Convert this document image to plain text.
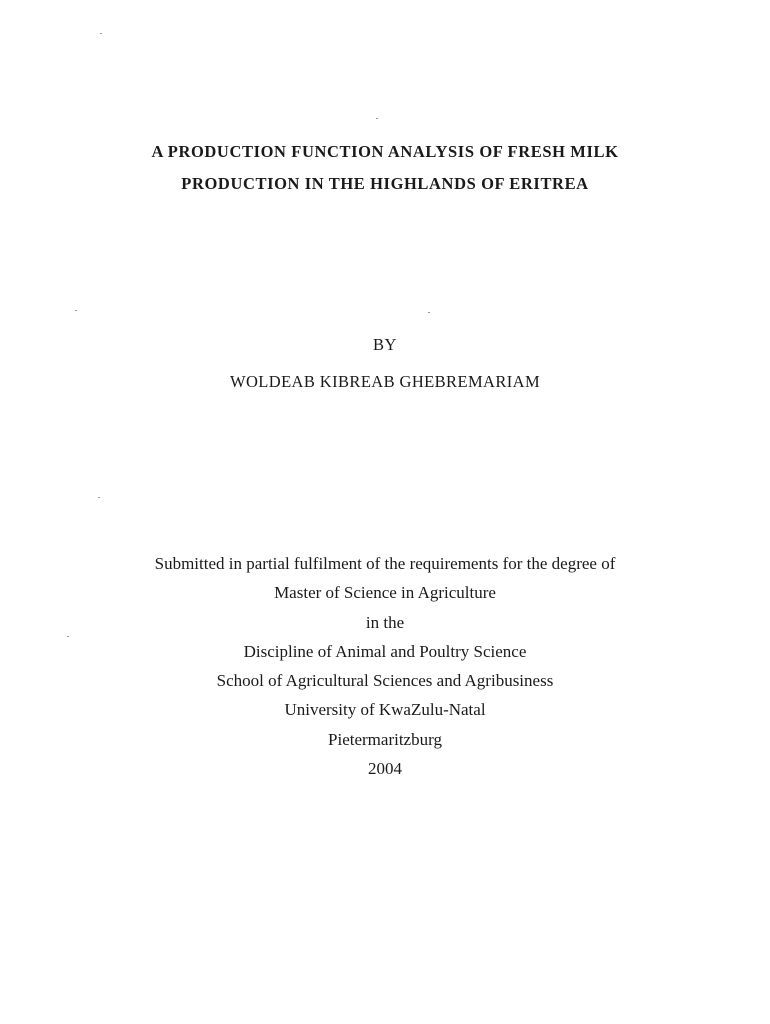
A PRODUCTION FUNCTION ANALYSIS OF FRESH MILK
PRODUCTION IN THE HIGHLANDS OF ERITREA
BY
WOLDEAB KIBREAB GHEBREMARIAM
Submitted in partial fulfilment of the requirements for the degree of
Master of Science in Agriculture
in the
Discipline of Animal and Poultry Science
School of Agricultural Sciences and Agribusiness
University of KwaZulu-Natal
Pietermaritzburg
2004
